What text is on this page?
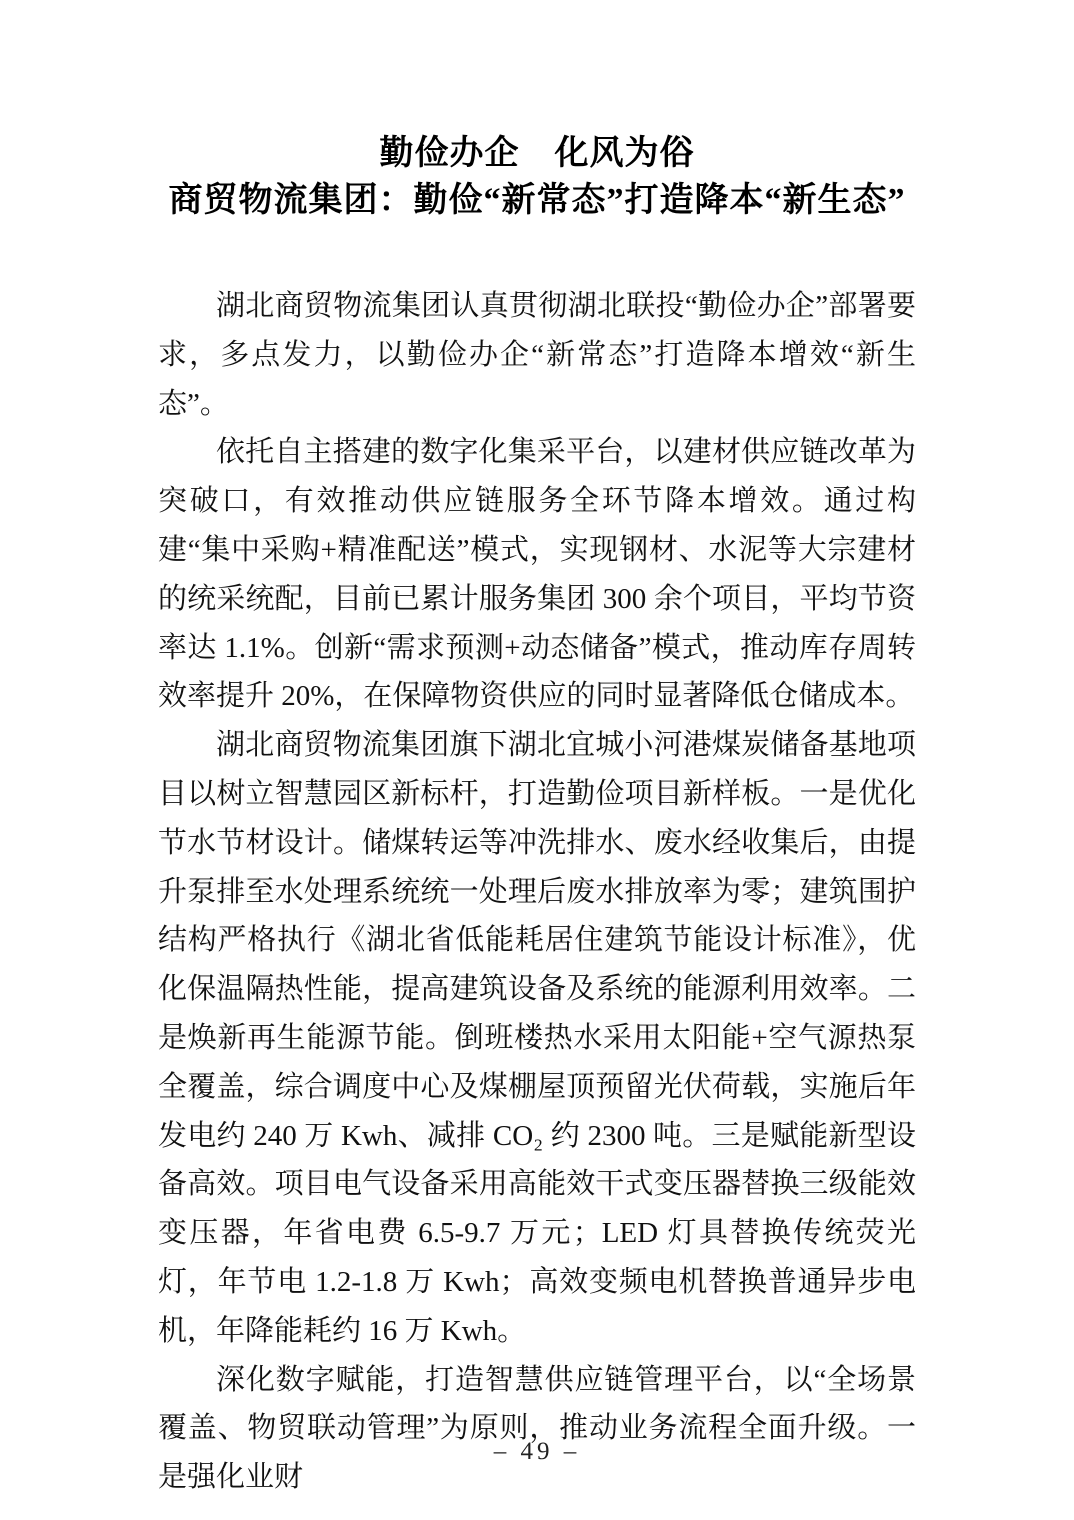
勤俭办企　化风为俗
商贸物流集团：勤俭“新常态”打造降本“新生态”

湖北商贸物流集团认真贯彻湖北联投“勤俭办企”部署要求，多点发力，以勤俭办企“新常态”打造降本增效“新生态”。

依托自主搭建的数字化集采平台，以建材供应链改革为突破口，有效推动供应链服务全环节降本增效。通过构建“集中采购+精准配送”模式，实现钢材、水泥等大宗建材的统采统配，目前已累计服务集团 300 余个项目，平均节资率达 1.1%。创新“需求预测+动态储备”模式，推动库存周转效率提升 20%，在保障物资供应的同时显著降低仓储成本。

湖北商贸物流集团旗下湖北宜城小河港煤炭储备基地项目以树立智慧园区新标杆，打造勤俭项目新样板。一是优化节水节材设计。储煤转运等冲洗排水、废水经收集后，由提升泵排至水处理系统统一处理后废水排放率为零；建筑围护结构严格执行《湖北省低能耗居住建筑节能设计标准》，优化保温隔热性能，提高建筑设备及系统的能源利用效率。二是焕新再生能源节能。倒班楼热水采用太阳能+空气源热泵全覆盖，综合调度中心及煤棚屋顶预留光伏荷载，实施后年发电约 240 万 Kwh、减排 CO₂ 约 2300 吨。三是赋能新型设备高效。项目电气设备采用高能效干式变压器替换三级能效变压器，年省电费 6.5-9.7 万元；LED 灯具替换传统荧光灯，年节电 1.2-1.8 万 Kwh；高效变频电机替换普通异步电机，年降能耗约 16 万 Kwh。

深化数字赋能，打造智慧供应链管理平台，以“全场景覆盖、物贸联动管理”为原则，推动业务流程全面升级。一是强化业财

– 49 –
